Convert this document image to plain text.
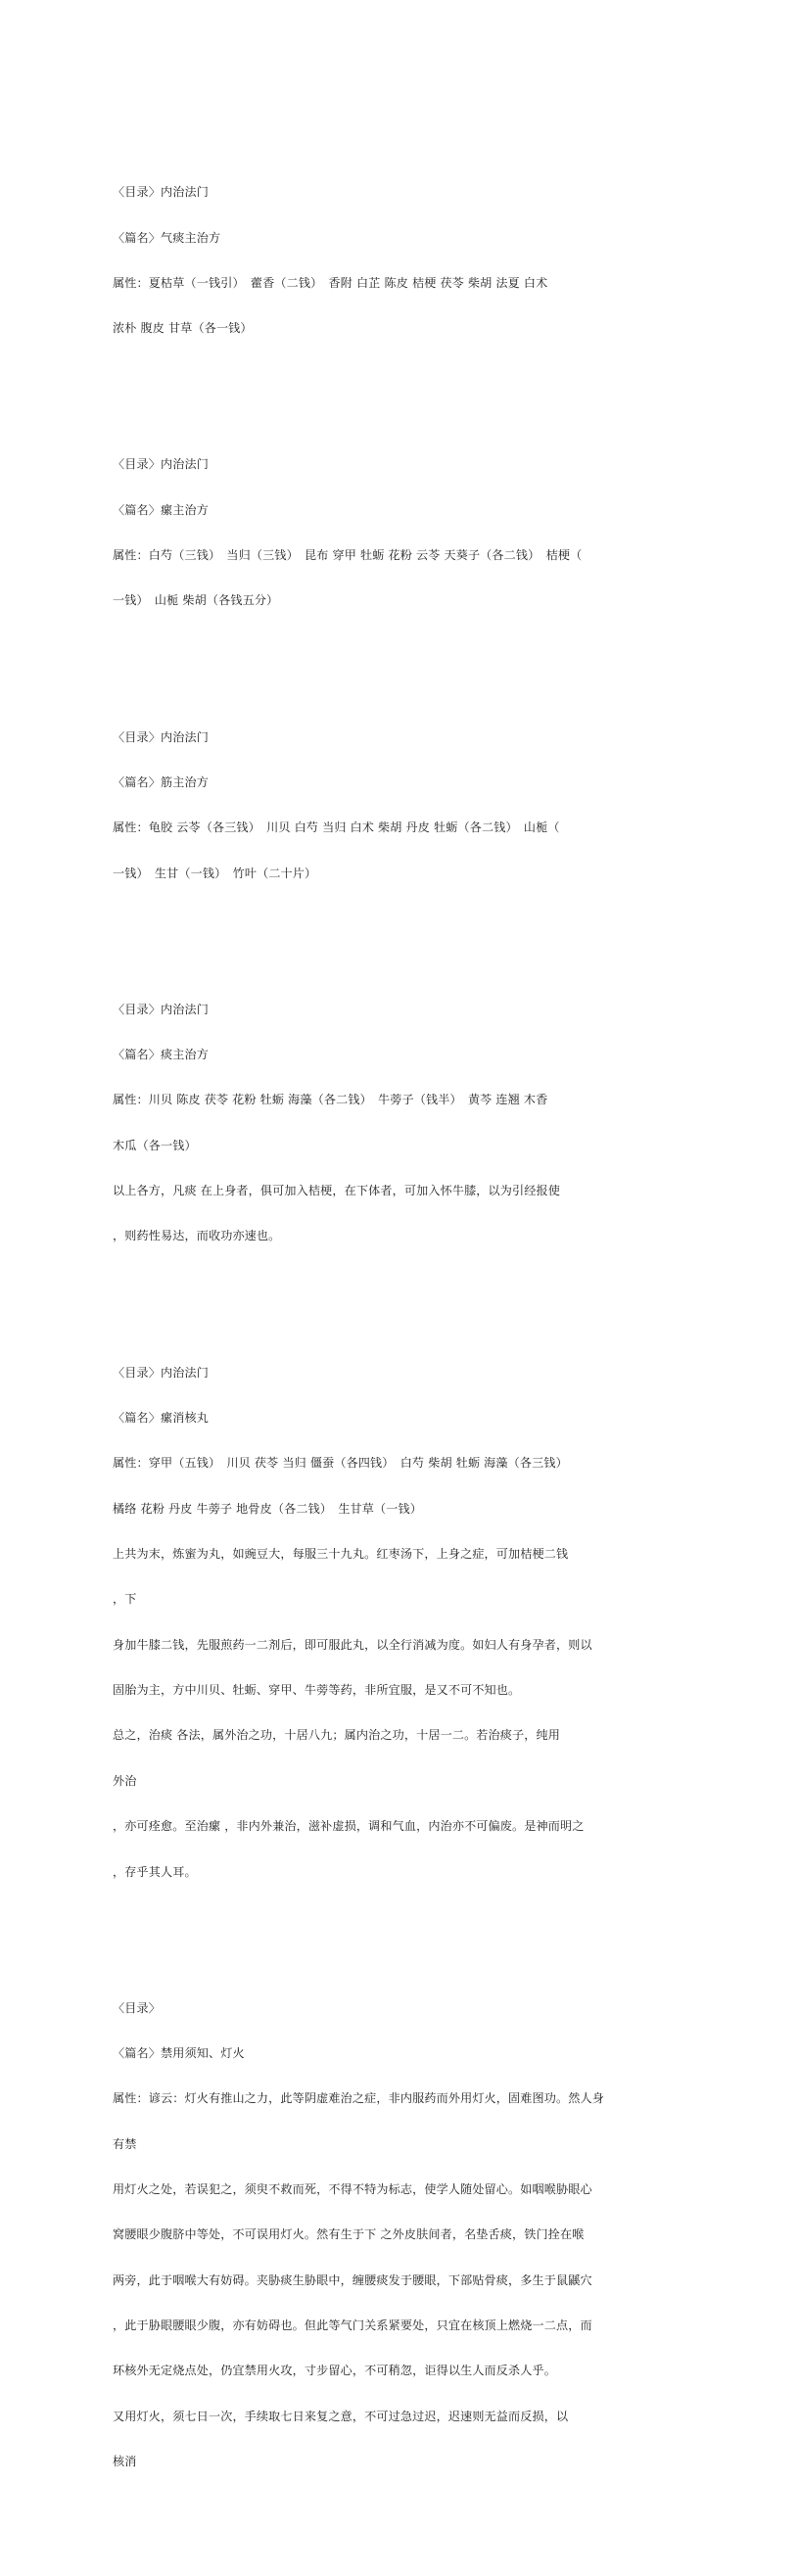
〈目录〉内治法门

〈篇名〉气痰主治方

属性：夏枯草（一钱引）　藿香（二钱）　香附 白芷 陈皮 桔梗 茯苓 柴胡 法夏 白术

浓朴 腹皮 甘草（各一钱）

〈目录〉内治法门

〈篇名〉瘰主治方

属性：白芍（三钱）　当归（三钱）　昆布 穿甲 牡蛎 花粉 云苓 天葵子（各二钱）　桔梗（

一钱）　山栀 柴胡（各钱五分）

〈目录〉内治法门

〈篇名〉筋主治方

属性：龟胶 云苓（各三钱）　川贝 白芍 当归 白术 柴胡 丹皮 牡蛎（各二钱）　山栀（

一钱）　生甘（一钱）　竹叶（二十片）

〈目录〉内治法门

〈篇名〉痰主治方

属性：川贝 陈皮 茯苓 花粉 牡蛎 海藻（各二钱）　牛蒡子（钱半）　黄芩 连翘 木香

木瓜（各一钱）

以上各方，凡痰 在上身者，俱可加入桔梗，在下体者，可加入怀牛膝，以为引经报使

，则药性易达，而收功亦速也。

〈目录〉内治法门

〈篇名〉瘰消核丸

属性：穿甲（五钱）　川贝 茯苓 当归 僵蚕（各四钱）　白芍 柴胡 牡蛎 海藻（各三钱）

橘络 花粉 丹皮 牛蒡子 地骨皮（各二钱）　生甘草（一钱）

上共为末，炼蜜为丸，如豌豆大，每服三十九丸。红枣汤下，上身之症，可加桔梗二钱

，下

身加牛膝二钱，先服煎药一二剂后，即可服此丸，以全行消减为度。如妇人有身孕者，则以

固胎为主，方中川贝、牡蛎、穿甲、牛蒡等药，非所宜服，是又不可不知也。

总之，治痰 各法，属外治之功，十居八九；属内治之功，十居一二。若治痰子，纯用

外治

，亦可痊愈。至治瘰 ，非内外兼治，滋补虚损，调和气血，内治亦不可偏废。是神而明之

，存乎其人耳。

〈目录〉

〈篇名〉禁用须知、灯火

属性：谚云：灯火有推山之力，此等阴虚难治之症，非内服药而外用灯火，固难图功。然人身

有禁

用灯火之处，若误犯之，须臾不救而死，不得不特为标志，使学人随处留心。如咽喉胁眼心

窝腰眼少腹脐中等处，不可误用灯火。然有生于下 之外皮肤间者，名垫舌痰，铁门拴在喉

两旁，此于咽喉大有妨碍。夹胁痰生胁眼中，缠腰痰发于腰眼，下部贴骨痰，多生于鼠鼷穴

，此于胁眼腰眼少腹，亦有妨碍也。但此等气门关系紧要处，只宜在核顶上燃烧一二点，而

环核外无定烧点处，仍宜禁用火攻，寸步留心，不可稍忽，讵得以生人而反杀人乎。

又用灯火，须七日一次，手续取七日来复之意，不可过急过迟，迟速则无益而反损，以

核消
